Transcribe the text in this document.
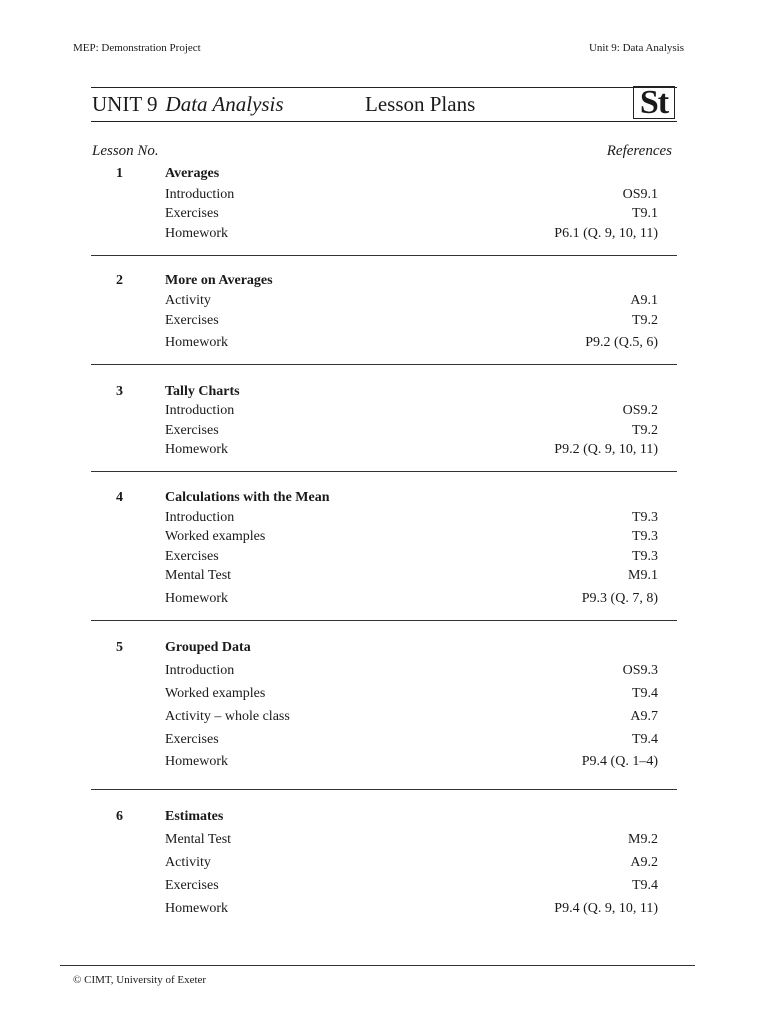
MEP: Demonstration Project	Unit 9: Data Analysis
UNIT 9 Data Analysis	Lesson Plans	St
Lesson No.	References
1	Averages
Introduction	OS9.1
Exercises	T9.1
Homework	P6.1 (Q. 9, 10, 11)
2	More on Averages
Activity	A9.1
Exercises	T9.2
Homework	P9.2 (Q.5, 6)
3	Tally Charts
Introduction	OS9.2
Exercises	T9.2
Homework	P9.2 (Q. 9, 10, 11)
4	Calculations with the Mean
Introduction	T9.3
Worked examples	T9.3
Exercises	T9.3
Mental Test	M9.1
Homework	P9.3 (Q. 7, 8)
5	Grouped Data
Introduction	OS9.3
Worked examples	T9.4
Activity – whole class	A9.7
Exercises	T9.4
Homework	P9.4 (Q. 1–4)
6	Estimates
Mental Test	M9.2
Activity	A9.2
Exercises	T9.4
Homework	P9.4 (Q. 9, 10, 11)
© CIMT, University of Exeter
